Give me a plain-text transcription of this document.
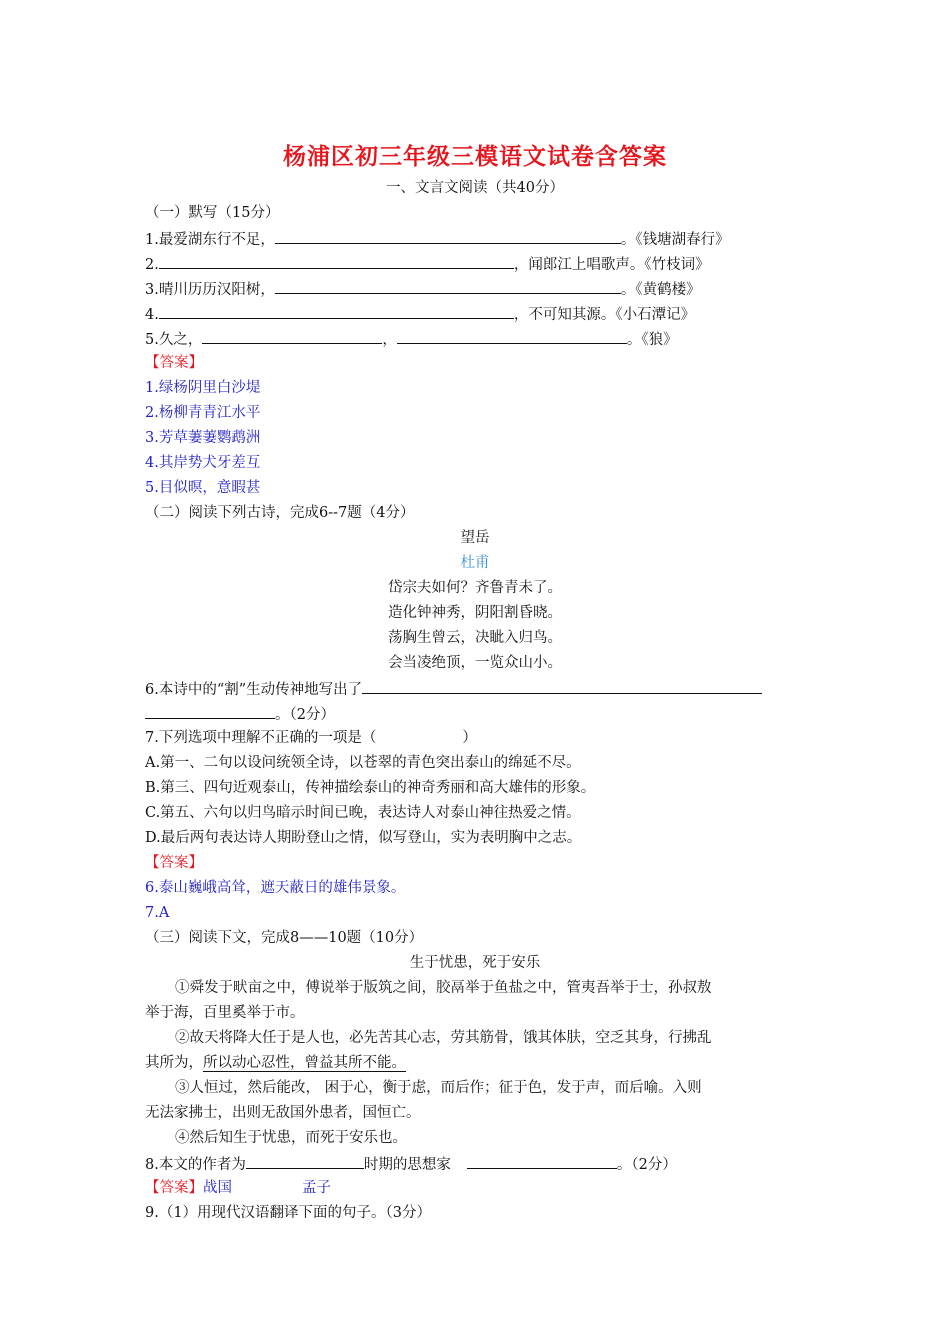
杨浦区初三年级三模语文试卷含答案
一、文言文阅读（共40分）
（一）默写（15分）
1.最爱湖东行不足，	。《钱塘湖春行》
2.	，闻郎江上唱歌声。《竹枝词》
3.晴川历历汉阳树，	。《黄鹤楼》
4.	，不可知其源。《小石潭记》
5.久之，	，	。《狼》
【答案】
1.绿杨阴里白沙堤
2.杨柳青青江水平
3.芳草萋萋鹦鹉洲
4.其岸势犬牙差互
5.目似暝，意暇甚
（二）阅读下列古诗，完成6--7题（4分）
望岳
杜甫
岱宗夫如何？齐鲁青未了。
造化钟神秀，阴阳割昏晓。
荡胸生曾云，决眦入归鸟。
会当凌绝顶，一览众山小。
6.本诗中的“割”生动传神地写出了
。（2分）
7.下列选项中理解不正确的一项是（	）
A.第一、二句以设问统领全诗，以苍翠的青色突出泰山的绵延不尽。
B.第三、四句近观泰山，传神描绘泰山的神奇秀丽和高大雄伟的形象。
C.第五、六句以归鸟暗示时间已晚，表达诗人对泰山神往热爱之情。
D.最后两句表达诗人期盼登山之情，似写登山，实为表明胸中之志。
【答案】
6.泰山巍峨高耸，遮天蔽日的雄伟景象。
7.A
（三）阅读下文，完成8——10题（10分）
生于忧患，死于安乐
①舜发于畎亩之中，傅说举于版筑之间，胶鬲举于鱼盐之中，管夷吾举于士，孙叔敖
举于海，百里奚举于市。
②故天将降大任于是人也，必先苦其心志，劳其筋骨，饿其体肤，空乏其身，行拂乱
其所为，所以动心忍性，曾益其所不能。
③人恒过，然后能改， 困于心，衡于虑，而后作；征于色，发于声，而后喻。入则
无法家拂士，出则无敌国外患者，国恒亡。
④然后知生于忧患，而死于安乐也。
8.本文的作者为	时期的思想家	。（2分）
【答案】战国	孟子
9.（1）用现代汉语翻译下面的句子。（3分）
